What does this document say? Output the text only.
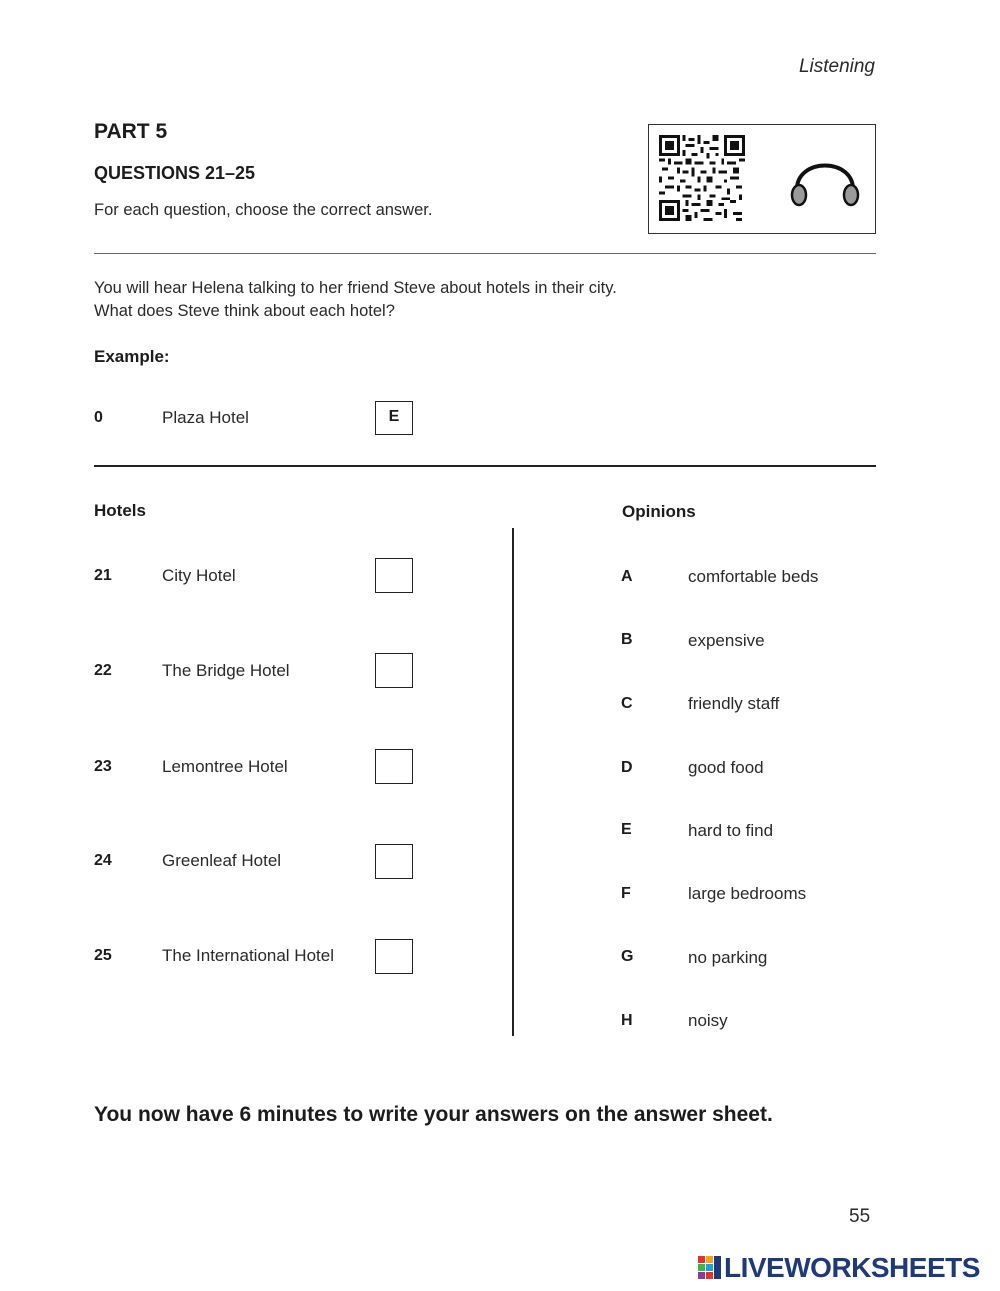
Listening
PART 5
QUESTIONS 21–25
For each question, choose the correct answer.
You will hear Helena talking to her friend Steve about hotels in their city.
What does Steve think about each hotel?
Example:
0	Plaza Hotel	E
Hotels	Opinions
21	City Hotel
22	The Bridge Hotel
23	Lemontree Hotel
24	Greenleaf Hotel
25	The International Hotel
A	comfortable beds
B	expensive
C	friendly staff
D	good food
E	hard to find
F	large bedrooms
G	no parking
H	noisy
You now have 6 minutes to write your answers on the answer sheet.
55
LIVEWORKSHEETS
